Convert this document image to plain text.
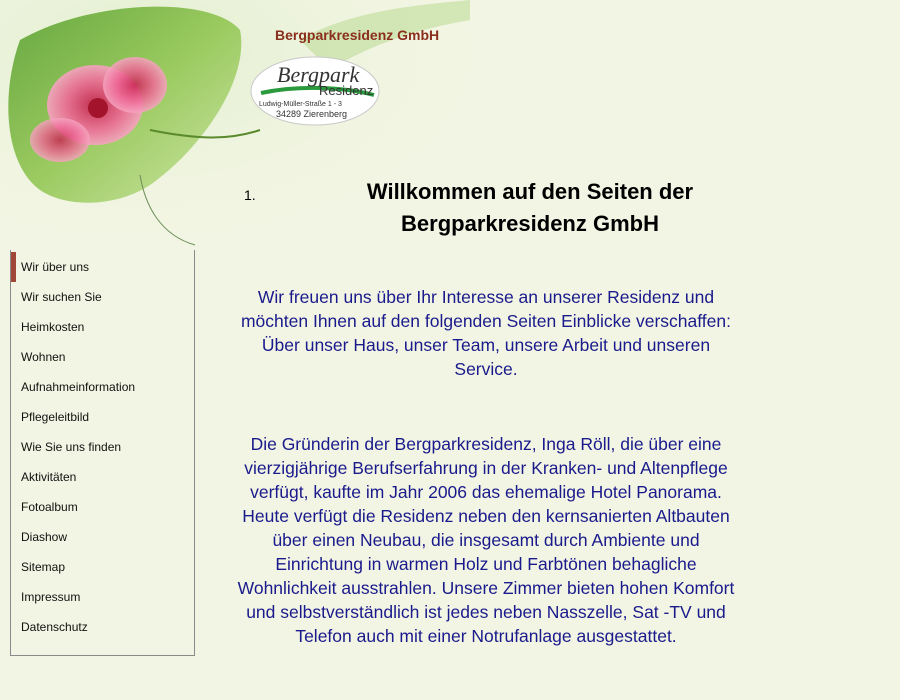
Bergparkresidenz GmbH
Bergpark
Residenz
Ludwig-Müller-Straße 1 - 3
34289 Zierenberg
1.	Willkommen auf den Seiten der
Bergparkresidenz GmbH
Wir über uns
Wir suchen Sie
Heimkosten
Wohnen
Aufnahmeinformation
Pflegeleitbild
Wie Sie uns finden
Aktivitäten
Fotoalbum
Diashow
Sitemap
Impressum
Datenschutz

Wir freuen uns über Ihr Interesse an unserer Residenz und möchten Ihnen auf den folgenden Seiten Einblicke verschaffen: Über unser Haus, unser Team, unsere Arbeit und unseren Service.

Die Gründerin der Bergparkresidenz, Inga Röll, die über eine vierzigjährige Berufserfahrung in der Kranken- und Altenpflege verfügt, kaufte im Jahr 2006 das ehemalige Hotel Panorama. Heute verfügt die Residenz neben den kernsanierten Altbauten über einen Neubau, die insgesamt durch Ambiente und Einrichtung in warmen Holz und Farbtönen behagliche Wohnlichkeit ausstrahlen. Unsere Zimmer bieten hohen Komfort und selbstverständlich ist jedes neben Nasszelle, Sat -TV und Telefon auch mit einer Notrufanlage ausgestattet.
